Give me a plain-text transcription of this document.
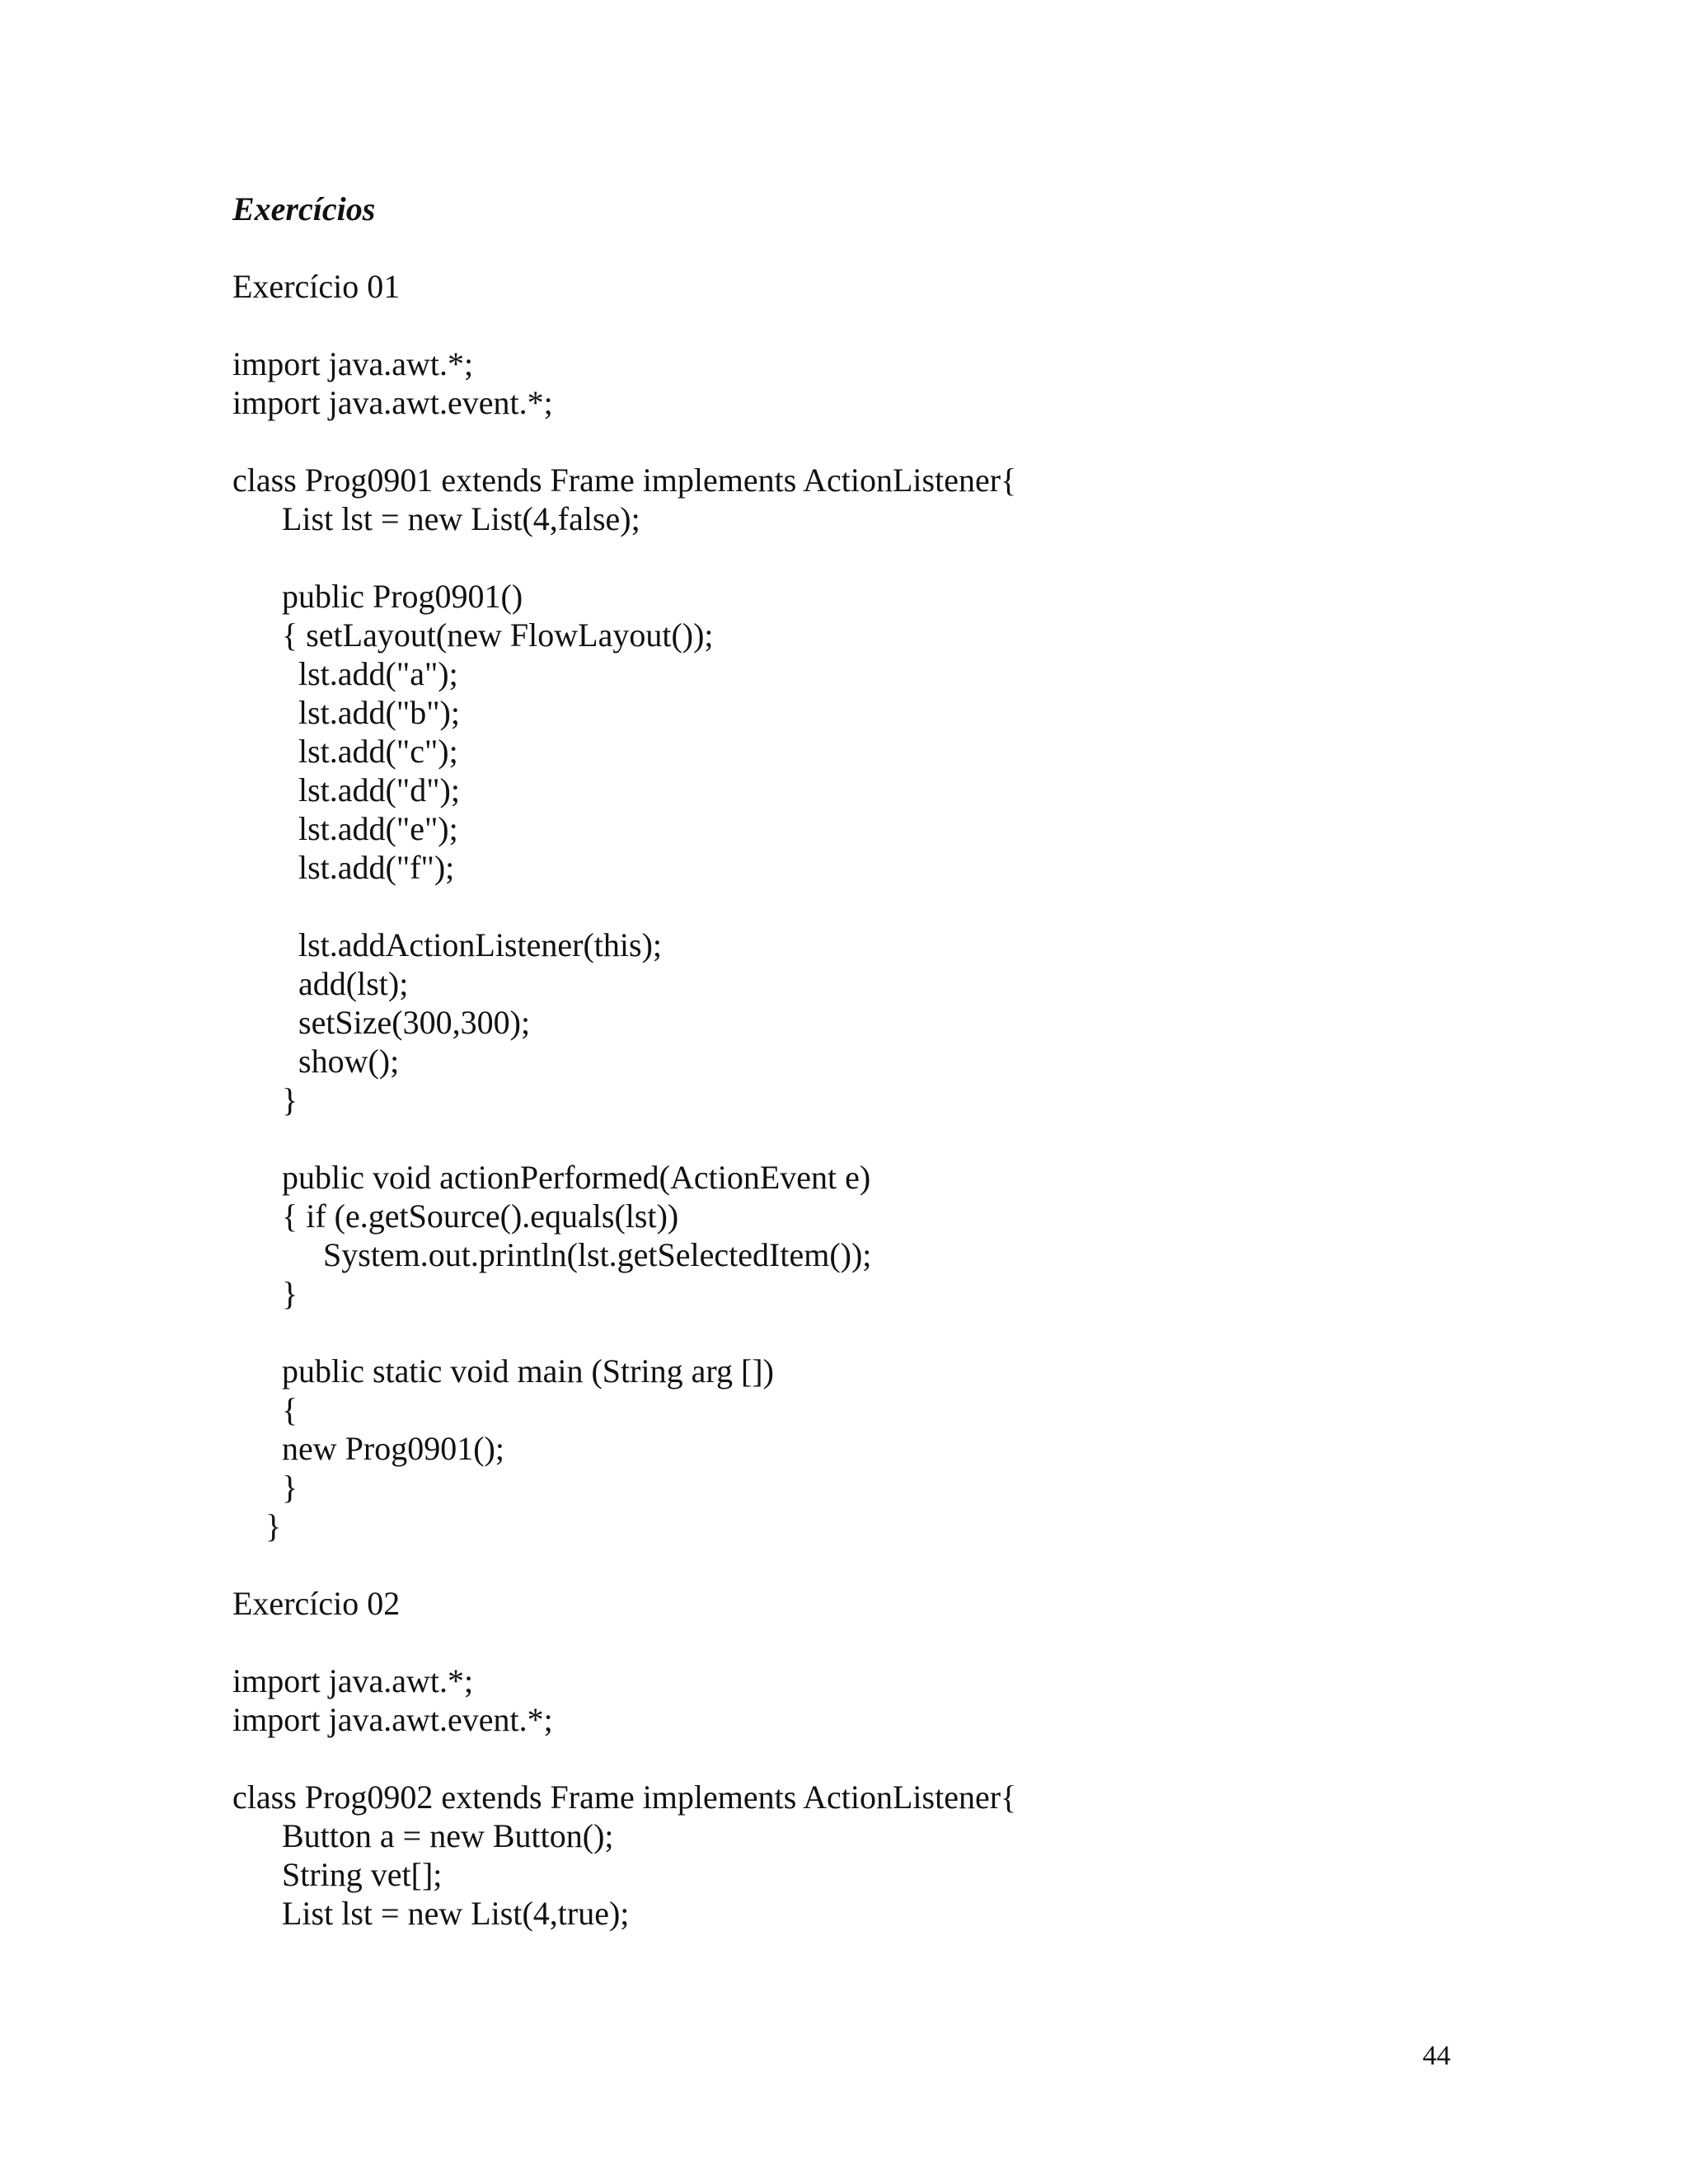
Exercícios
Exercício 01
import java.awt.*;
import java.awt.event.*;
class Prog0901 extends Frame implements ActionListener{
List lst = new List(4,false);
public Prog0901()
{ setLayout(new FlowLayout());
lst.add("a");
lst.add("b");
lst.add("c");
lst.add("d");
lst.add("e");
lst.add("f");
lst.addActionListener(this);
add(lst);
setSize(300,300);
show();
}
public void actionPerformed(ActionEvent e)
{ if (e.getSource().equals(lst))
System.out.println(lst.getSelectedItem());
}
public static void main (String arg [])
{
new Prog0901();
}
}
Exercício 02
import java.awt.*;
import java.awt.event.*;
class Prog0902 extends Frame implements ActionListener{
Button a = new Button();
String vet[];
List lst = new List(4,true);
44
